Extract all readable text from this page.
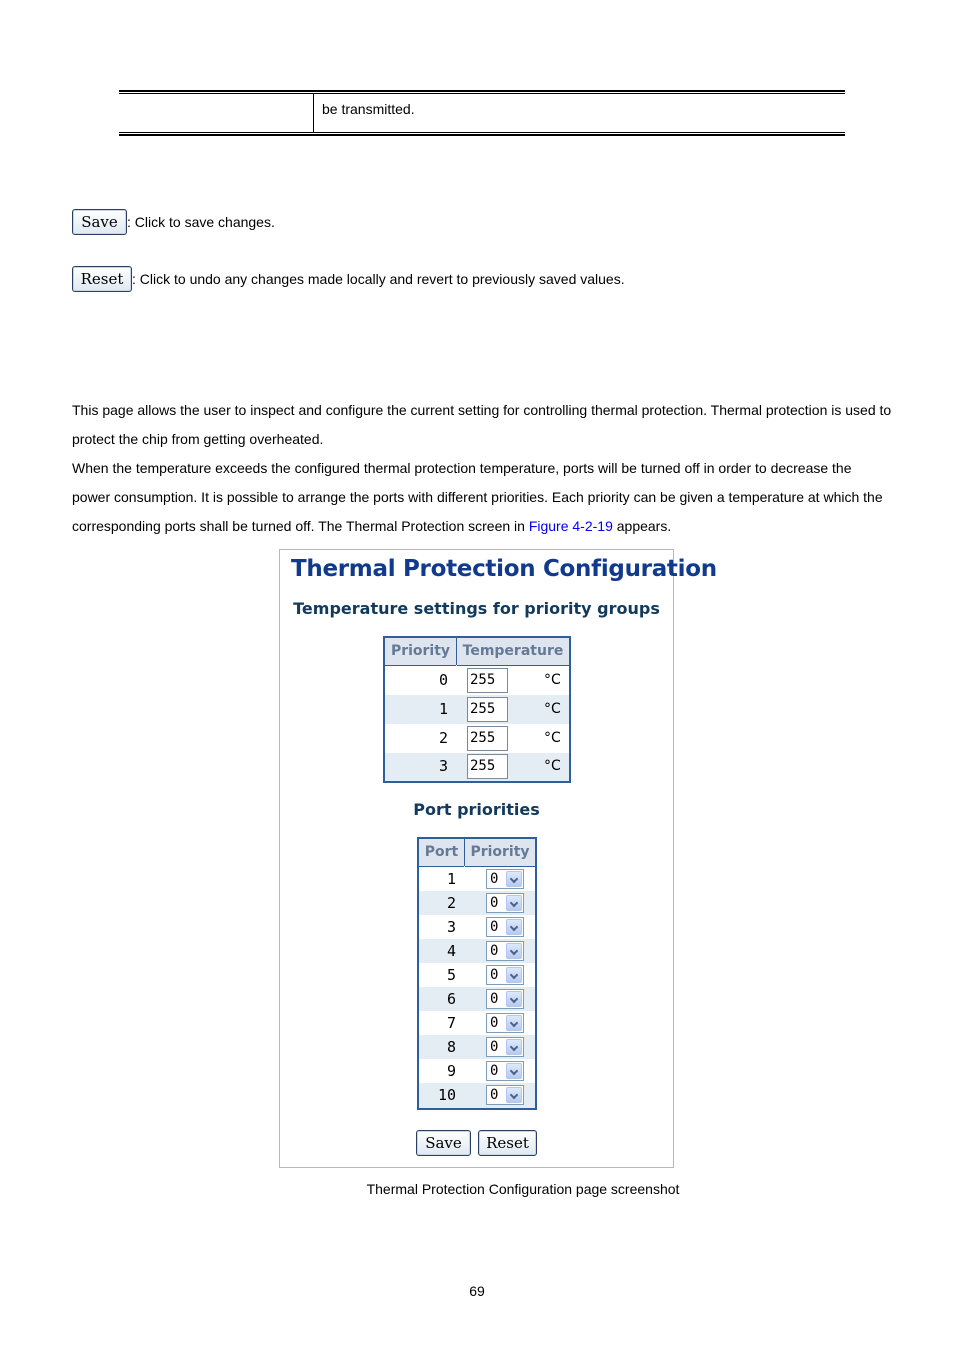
be transmitted.
Save : Click to save changes.
Reset : Click to undo any changes made locally and revert to previously saved values.
This page allows the user to inspect and configure the current setting for controlling thermal protection. Thermal protection is used to protect the chip from getting overheated.
When the temperature exceeds the configured thermal protection temperature, ports will be turned off in order to decrease the power consumption. It is possible to arrange the ports with different priorities. Each priority can be given a temperature at which the corresponding ports shall be turned off. The Thermal Protection screen in Figure 4-2-19 appears.
Thermal Protection Configuration
Temperature settings for priority groups
Priority Temperature
0 255	°C
1 255	°C
2 255	°C
3 255	°C
Port priorities
Port Priority
1 0
2 0
3 0
4 0
5 0
6 0
7 0
8 0
9 0
10 0
Save	Reset
Thermal Protection Configuration page screenshot
69
